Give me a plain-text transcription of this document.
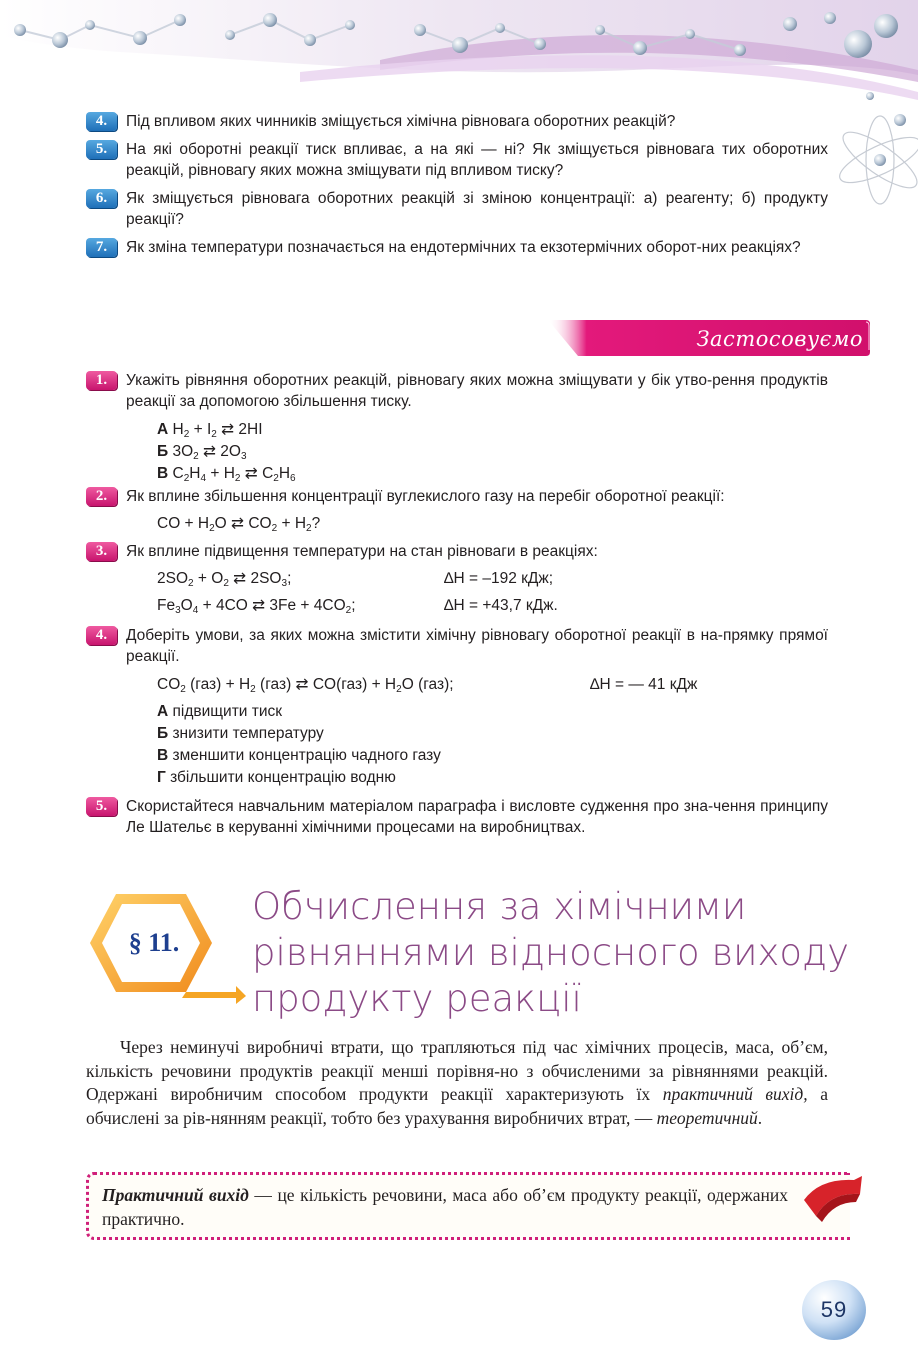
4.	Під впливом яких чинників зміщується хімічна рівновага оборотних реакцій?
5.	На які оборотні реакції тиск впливає, а на які — ні? Як зміщується рівновага тих оборотних реакцій, рівновагу яких можна зміщувати під впливом тиску?
6.	Як зміщується рівновага оборотних реакцій зі зміною концентрації: а) реагенту; б) продукту реакції?
7.	Як зміна температури позначається на ендотермічних та екзотермічних оборот-них реакціях?
Застосовуємо
1.	Укажіть рівняння оборотних реакцій, рівновагу яких можна зміщувати у бік утво-рення продуктів реакції за допомогою збільшення тиску.
А $H_2 + I_2$ ⇄ 2HI
Б $3O_2$ ⇄ $2O_3$
В $C_2H_4 + H_2$ ⇄ $C_2H_6$
2.	Як вплине збільшення концентрації вуглекислого газу на перебіг оборотної реакції:
CO + $H_2O$ ⇄ $CO_2 + H_2$?
3.	Як вплине підвищення температури на стан рівноваги в реакціях:
$2SO_2 + O_2$ ⇄ $2SO_3$;	∆H = –192 кДж;
$Fe_3O_4 + 4CO$ ⇄ $3Fe + 4CO_2$;	∆H = +43,7 кДж.
4.	Доберіть умови, за яких можна змістити хімічну рівновагу оборотної реакції в на-прямку прямої реакції.
$CO_2$ $(газ) + H_2$ (газ) ⇄ $CO(газ) + H_2O$ (газ);	∆H = — 41 кДж
А підвищити тиск
Б знизити температуру
В зменшити концентрацію чадного газу
Г збільшити концентрацію водню
5.	Скористайтеся навчальним матеріалом параграфа і висловте судження про зна-чення принципу Ле Шательє в керуванні хімічними процесами на виробництвах.
§ 11.
Обчислення за хімічними
рівняннями відносного виходу
продукту реакції
Через неминучі виробничі втрати, що трапляються під час хімічних процесів, маса, об’єм, кількість речовини продуктів реакції менші порівня-но з обчисленими за рівняннями реакцій. Одержані виробничим способом продукти реакції характеризують їх практичний вихід, а обчислені за рів-нянням реакції, тобто без урахування виробничих втрат, — теоретичний.
Практичний вихід — це кількість речовини, маса або об’єм продукту реакції, одержаних практично.
59
